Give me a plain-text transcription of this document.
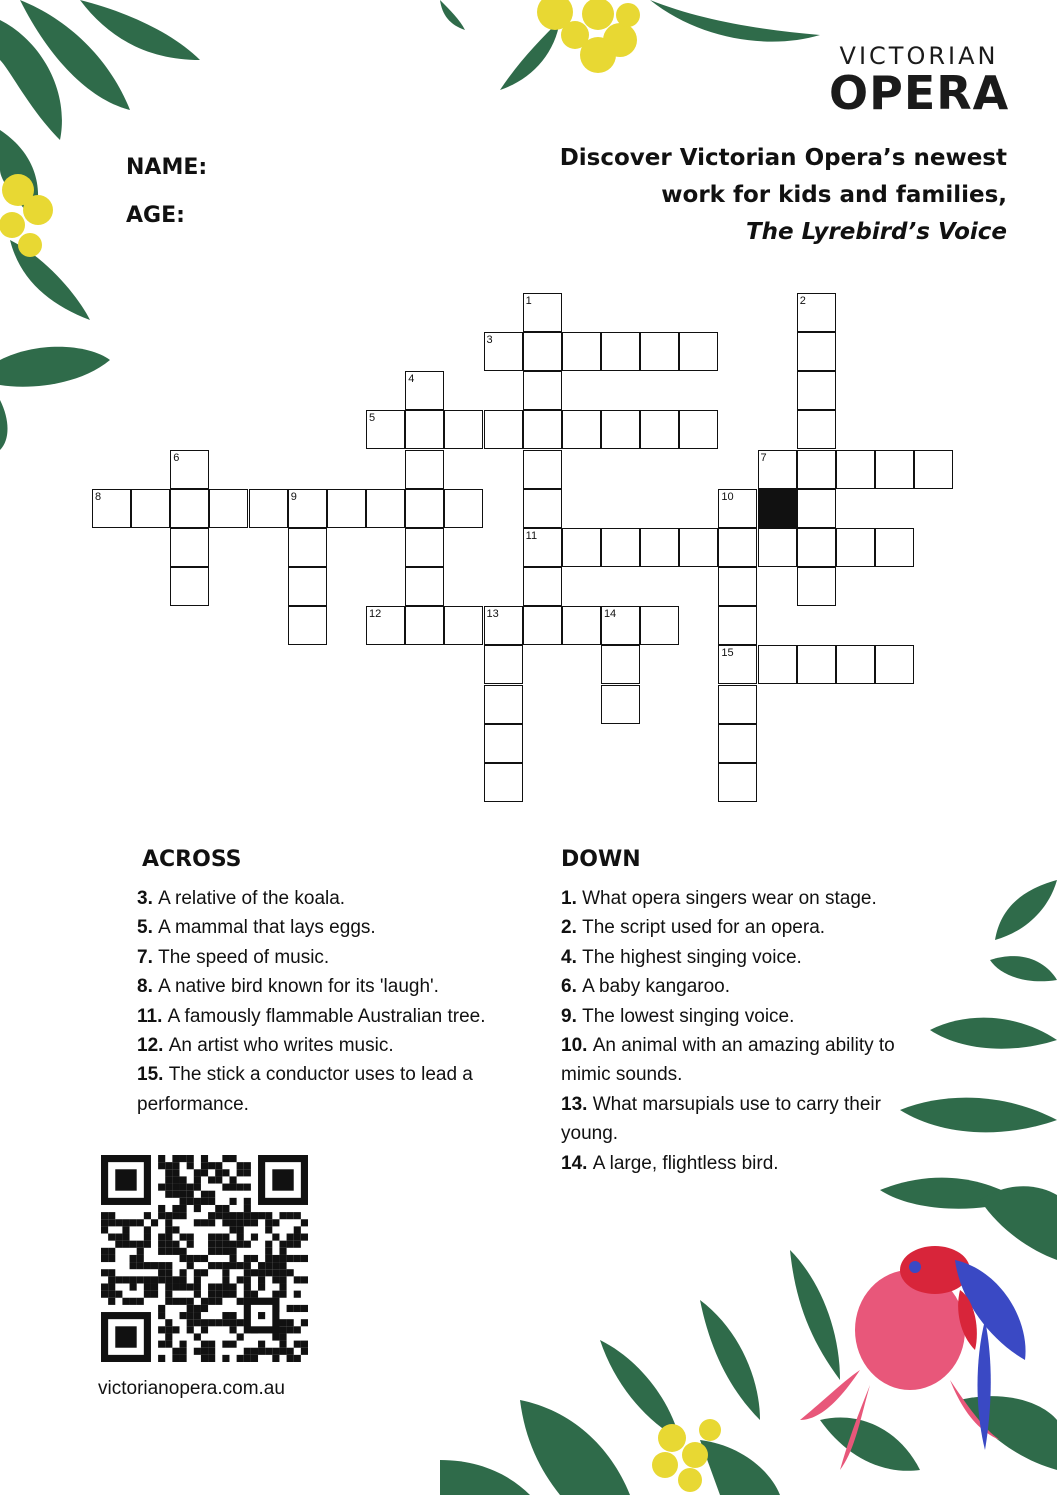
VICTORIAN
OPERA
NAME:
AGE:
Discover Victorian Opera’s newest
work for kids and families,
The Lyrebird’s Voice
1
11
2
3
4
5
6	7
8	9	10
15
12	13	14
ACROSS
3. A relative of the koala.
5. A mammal that lays eggs.
7. The speed of music.
8. A native bird known for its 'laugh'.
11. A famously flammable Australian tree.
12. An artist who writes music.
15. The stick a conductor uses to lead a performance.
DOWN
1. What opera singers wear on stage.
2. The script used for an opera.
4. The highest singing voice.
6. A baby kangaroo.
9. The lowest singing voice.
10. An animal with an amazing ability to mimic sounds.
13. What marsupials use to carry their young.
14. A large, flightless bird.
victorianopera.com.au
